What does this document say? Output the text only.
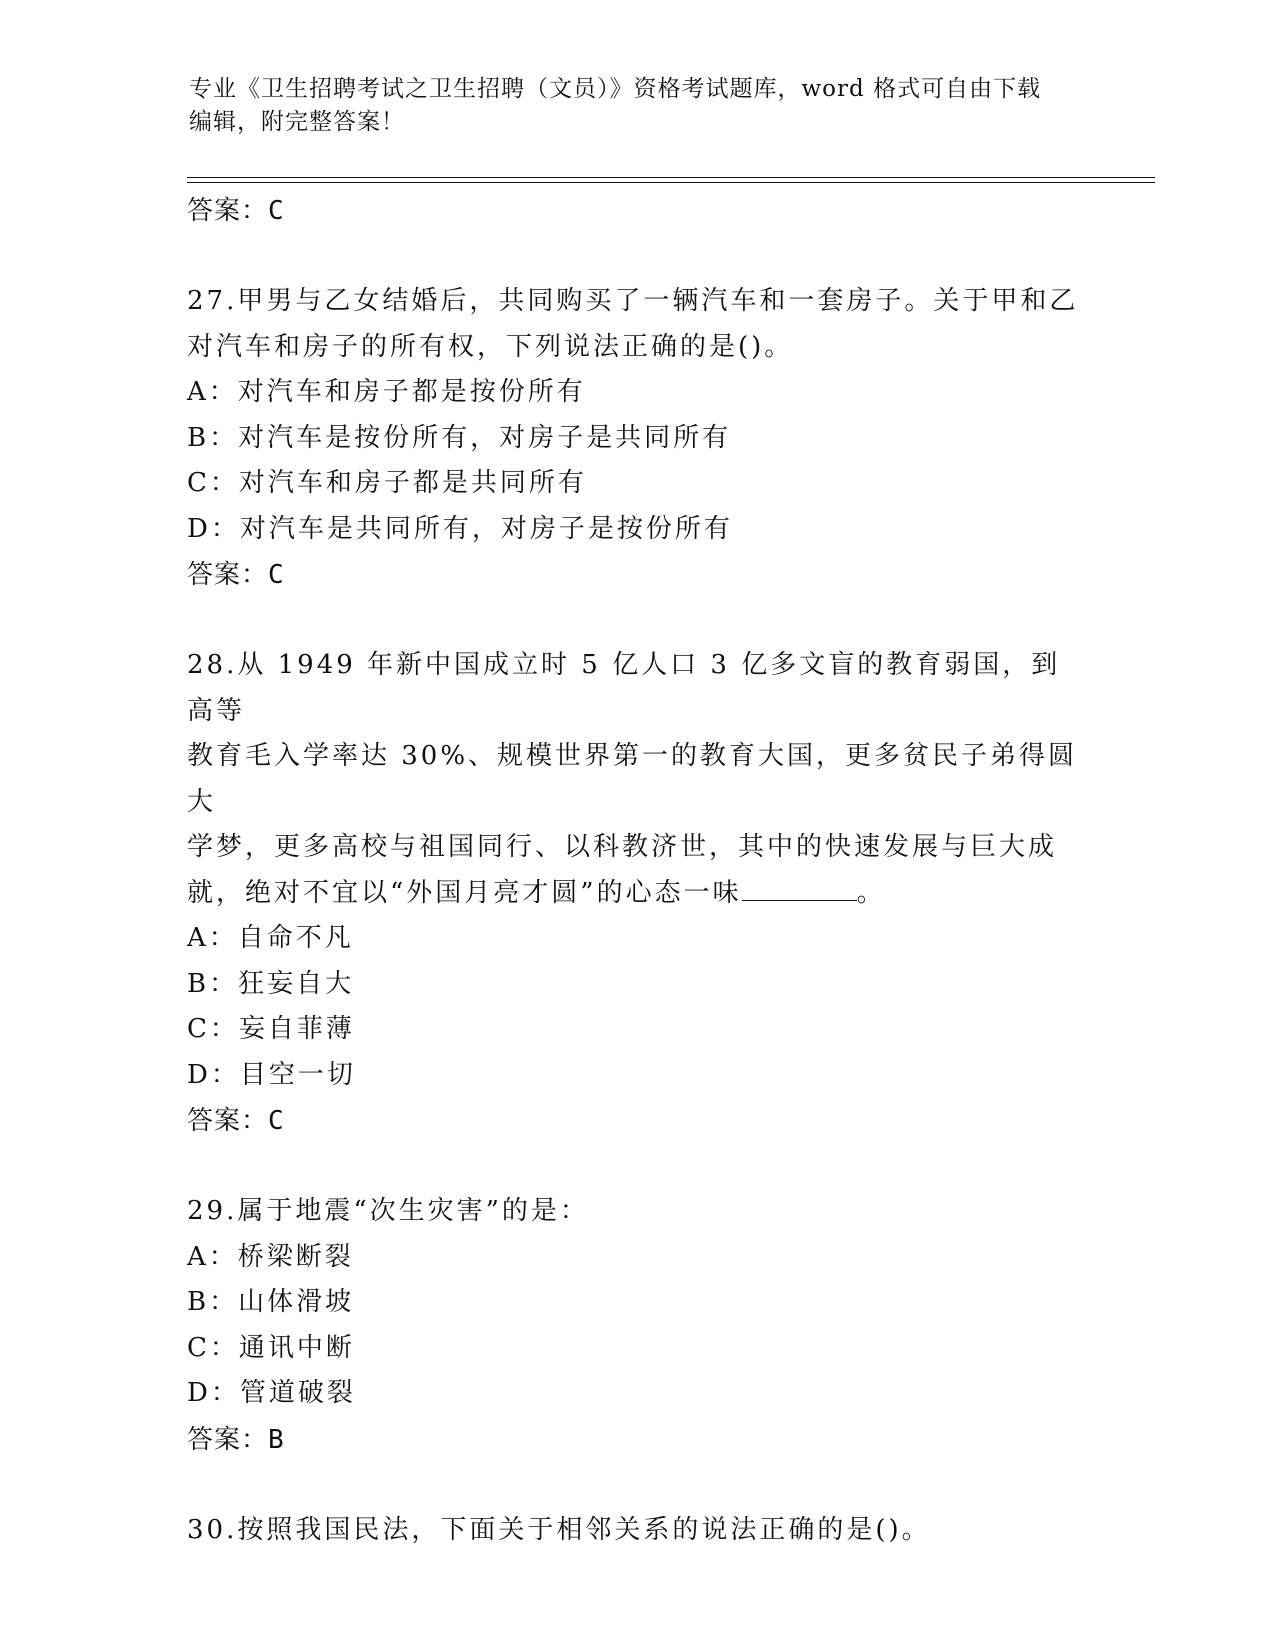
专业《卫生招聘考试之卫生招聘（文员）》资格考试题库，word 格式可自由下载
编辑，附完整答案！
答案：C
27.甲男与乙女结婚后，共同购买了一辆汽车和一套房子。关于甲和乙
对汽车和房子的所有权，下列说法正确的是()。
A：对汽车和房子都是按份所有
B：对汽车是按份所有，对房子是共同所有
C：对汽车和房子都是共同所有
D：对汽车是共同所有，对房子是按份所有
答案：C
28.从 1949 年新中国成立时 5 亿人口 3 亿多文盲的教育弱国，到高等
教育毛入学率达 30%、规模世界第一的教育大国，更多贫民子弟得圆大
学梦，更多高校与祖国同行、以科教济世，其中的快速发展与巨大成
就，绝对不宜以“外国月亮才圆”的心态一味	。
A：自命不凡
B：狂妄自大
C：妄自菲薄
D：目空一切
答案：C
29.属于地震“次生灾害”的是：
A：桥梁断裂
B：山体滑坡
C：通讯中断
D：管道破裂
答案：B
30.按照我国民法，下面关于相邻关系的说法正确的是()。
